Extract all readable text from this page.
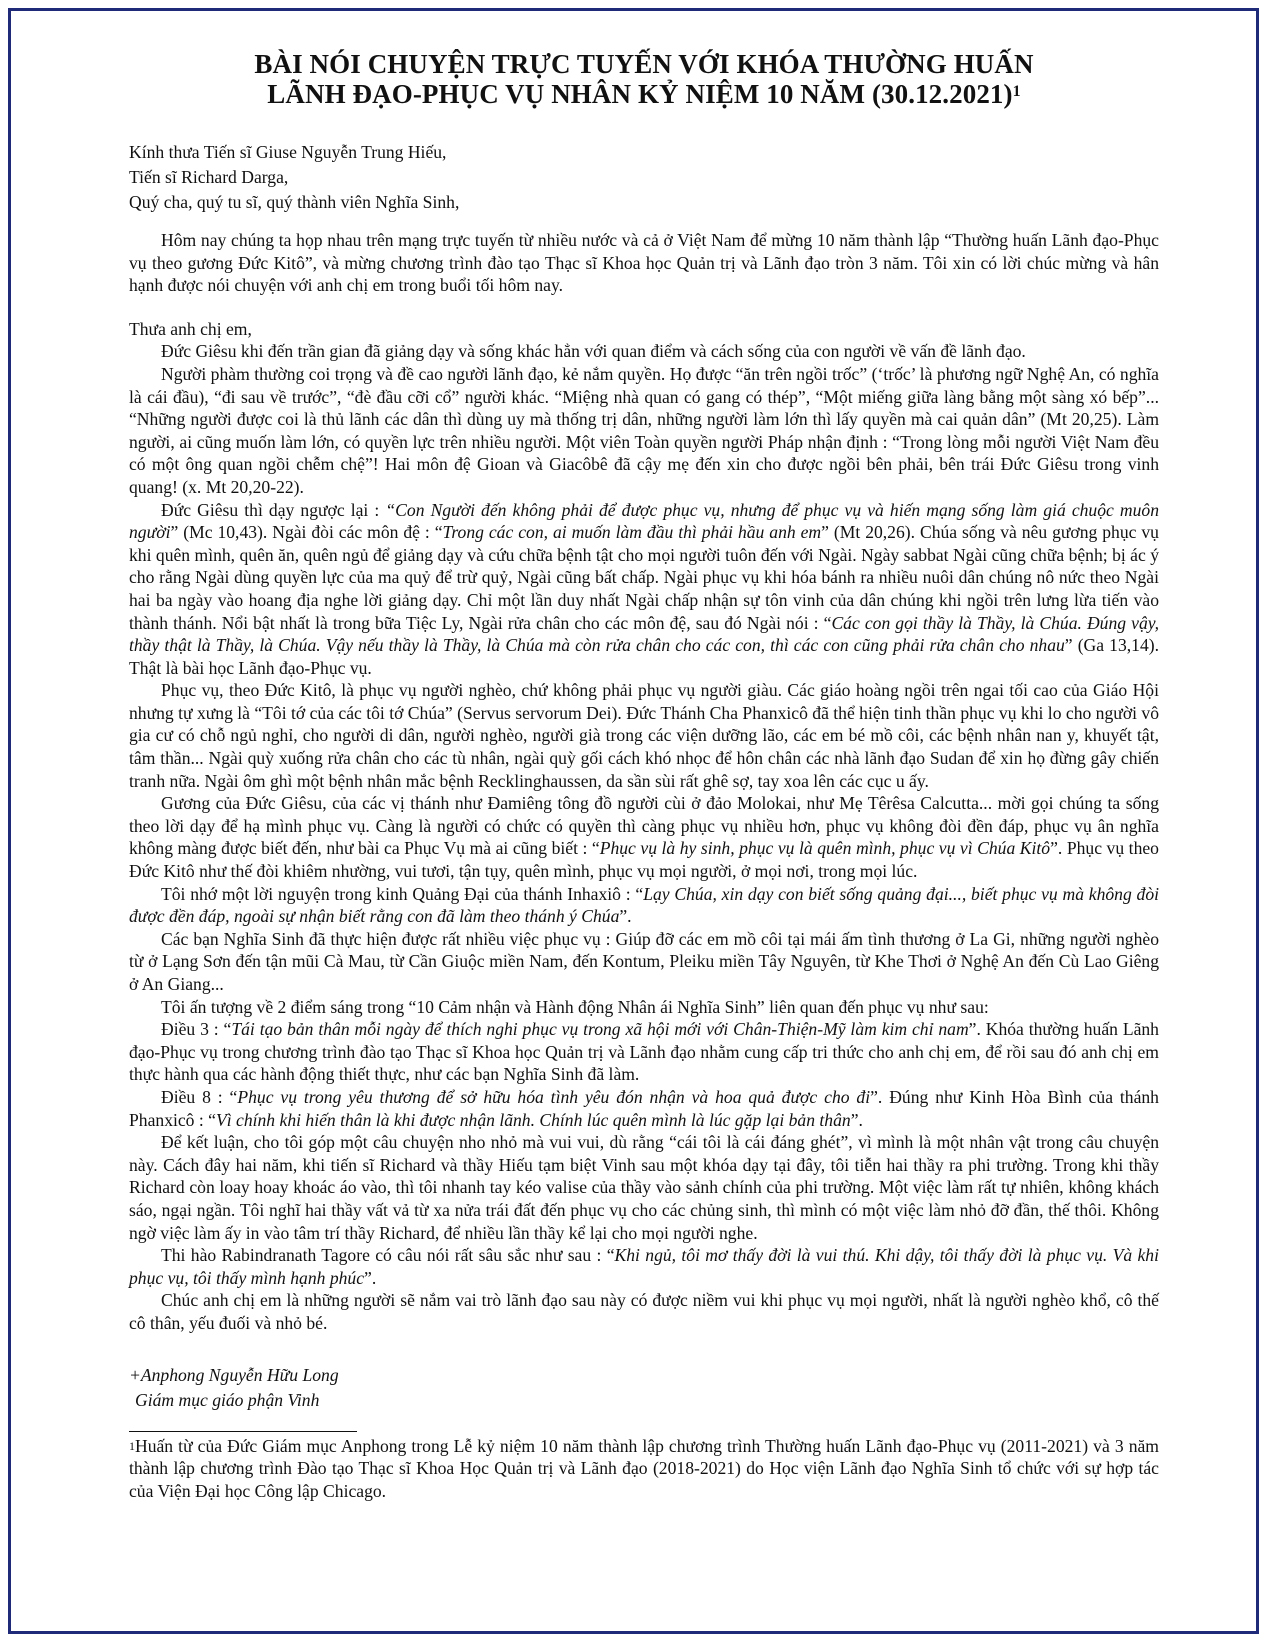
BÀI NÓI CHUYỆN TRỰC TUYẾN VỚI KHÓA THƯỜNG HUẤN
LÃNH ĐẠO-PHỤC VỤ NHÂN KỶ NIỆM 10 NĂM $(30.12.2021)^1$
Kính thưa Tiến sĩ Giuse Nguyễn Trung Hiếu,
Tiến sĩ Richard Darga,
Quý cha, quý tu sĩ, quý thành viên Nghĩa Sinh,

Hôm nay chúng ta họp nhau trên mạng trực tuyến từ nhiều nước và cả ở Việt Nam để mừng 10 năm thành lập “Thường huấn Lãnh đạo-Phục vụ theo gương Đức Kitô”, và mừng chương trình đào tạo Thạc sĩ Khoa học Quản trị và Lãnh đạo tròn 3 năm. Tôi xin có lời chúc mừng và hân hạnh được nói chuyện với anh chị em trong buổi tối hôm nay.

Thưa anh chị em,

Đức Giêsu khi đến trần gian đã giảng dạy và sống khác hẳn với quan điểm và cách sống của con người về vấn đề lãnh đạo.

Người phàm thường coi trọng và đề cao người lãnh đạo, kẻ nắm quyền. Họ được “ăn trên ngồi trốc” (‘trốc’ là phương ngữ Nghệ An, có nghĩa là cái đầu), “đi sau về trước”, “đè đầu cỡi cổ” người khác. “Miệng nhà quan có gang có thép”, “Một miếng giữa làng bằng một sàng xó bếp”... “Những người được coi là thủ lãnh các dân thì dùng uy mà thống trị dân, những người làm lớn thì lấy quyền mà cai quản dân” (Mt 20,25). Làm người, ai cũng muốn làm lớn, có quyền lực trên nhiều người. Một viên Toàn quyền người Pháp nhận định : “Trong lòng mỗi người Việt Nam đều có một ông quan ngồi chễm chệ”! Hai môn đệ Gioan và Giacôbê đã cậy mẹ đến xin cho được ngồi bên phải, bên trái Đức Giêsu trong vinh quang! (x. Mt 20,20-22).

Đức Giêsu thì dạy ngược lại : “Con Người đến không phải để được phục vụ, nhưng để phục vụ và hiến mạng sống làm giá chuộc muôn người” (Mc 10,43). Ngài đòi các môn đệ : “Trong các con, ai muốn làm đầu thì phải hầu anh em” (Mt 20,26). Chúa sống và nêu gương phục vụ khi quên mình, quên ăn, quên ngủ để giảng dạy và cứu chữa bệnh tật cho mọi người tuôn đến với Ngài. Ngày sabbat Ngài cũng chữa bệnh; bị ác ý cho rằng Ngài dùng quyền lực của ma quỷ để trừ quỷ, Ngài cũng bất chấp. Ngài phục vụ khi hóa bánh ra nhiều nuôi dân chúng nô nức theo Ngài hai ba ngày vào hoang địa nghe lời giảng dạy. Chỉ một lần duy nhất Ngài chấp nhận sự tôn vinh của dân chúng khi ngồi trên lưng lừa tiến vào thành thánh. Nổi bật nhất là trong bữa Tiệc Ly, Ngài rửa chân cho các môn đệ, sau đó Ngài nói : “Các con gọi thầy là Thầy, là Chúa. Đúng vậy, thầy thật là Thầy, là Chúa. Vậy nếu thầy là Thầy, là Chúa mà còn rửa chân cho các con, thì các con cũng phải rửa chân cho nhau” (Ga 13,14). Thật là bài học Lãnh đạo-Phục vụ.

Phục vụ, theo Đức Kitô, là phục vụ người nghèo, chứ không phải phục vụ người giàu. Các giáo hoàng ngồi trên ngai tối cao của Giáo Hội nhưng tự xưng là “Tôi tớ của các tôi tớ Chúa” (Servus servorum Dei). Đức Thánh Cha Phanxicô đã thể hiện tinh thần phục vụ khi lo cho người vô gia cư có chỗ ngủ nghỉ, cho người di dân, người nghèo, người già trong các viện dưỡng lão, các em bé mồ côi, các bệnh nhân nan y, khuyết tật, tâm thần... Ngài quỳ xuống rửa chân cho các tù nhân, ngài quỳ gối cách khó nhọc để hôn chân các nhà lãnh đạo Sudan để xin họ đừng gây chiến tranh nữa. Ngài ôm ghì một bệnh nhân mắc bệnh Recklinghaussen, da sần sùi rất ghê sợ, tay xoa lên các cục u ấy.

Gương của Đức Giêsu, của các vị thánh như Đamiêng tông đồ người cùi ở đảo Molokai, như Mẹ Têrêsa Calcutta... mời gọi chúng ta sống theo lời dạy để hạ mình phục vụ. Càng là người có chức có quyền thì càng phục vụ nhiều hơn, phục vụ không đòi đền đáp, phục vụ ân nghĩa không màng được biết đến, như bài ca Phục Vụ mà ai cũng biết : “Phục vụ là hy sinh, phục vụ là quên mình, phục vụ vì Chúa Kitô”. Phục vụ theo Đức Kitô như thế đòi khiêm nhường, vui tươi, tận tụy, quên mình, phục vụ mọi người, ở mọi nơi, trong mọi lúc.

Tôi nhớ một lời nguyện trong kinh Quảng Đại của thánh Inhaxiô : “Lạy Chúa, xin dạy con biết sống quảng đại..., biết phục vụ mà không đòi được đền đáp, ngoài sự nhận biết rằng con đã làm theo thánh ý Chúa”.

Các bạn Nghĩa Sinh đã thực hiện được rất nhiều việc phục vụ : Giúp đỡ các em mồ côi tại mái ấm tình thương ở La Gi, những người nghèo từ ở Lạng Sơn đến tận mũi Cà Mau, từ Cần Giuộc miền Nam, đến Kontum, Pleiku miền Tây Nguyên, từ Khe Thơi ở Nghệ An đến Cù Lao Giêng ở An Giang...

Tôi ấn tượng về 2 điểm sáng trong “10 Cảm nhận và Hành động Nhân ái Nghĩa Sinh” liên quan đến phục vụ như sau:

Điều 3 : “Tái tạo bản thân mỗi ngày để thích nghi phục vụ trong xã hội mới với Chân-Thiện-Mỹ làm kim chỉ nam”. Khóa thường huấn Lãnh đạo-Phục vụ trong chương trình đào tạo Thạc sĩ Khoa học Quản trị và Lãnh đạo nhằm cung cấp tri thức cho anh chị em, để rồi sau đó anh chị em thực hành qua các hành động thiết thực, như các bạn Nghĩa Sinh đã làm.

Điều 8 : “Phục vụ trong yêu thương để sở hữu hóa tình yêu đón nhận và hoa quả được cho đi”. Đúng như Kinh Hòa Bình của thánh Phanxicô : “Vì chính khi hiến thân là khi được nhận lãnh. Chính lúc quên mình là lúc gặp lại bản thân”.

Để kết luận, cho tôi góp một câu chuyện nho nhỏ mà vui vui, dù rằng “cái tôi là cái đáng ghét”, vì mình là một nhân vật trong câu chuyện này. Cách đây hai năm, khi tiến sĩ Richard và thầy Hiếu tạm biệt Vinh sau một khóa dạy tại đây, tôi tiễn hai thầy ra phi trường. Trong khi thầy Richard còn loay hoay khoác áo vào, thì tôi nhanh tay kéo valise của thầy vào sảnh chính của phi trường. Một việc làm rất tự nhiên, không khách sáo, ngại ngần. Tôi nghĩ hai thầy vất vả từ xa nửa trái đất đến phục vụ cho các chủng sinh, thì mình có một việc làm nhỏ đỡ đần, thế thôi. Không ngờ việc làm ấy in vào tâm trí thầy Richard, để nhiều lần thầy kể lại cho mọi người nghe.

Thi hào Rabindranath Tagore có câu nói rất sâu sắc như sau : “Khi ngủ, tôi mơ thấy đời là vui thú. Khi dậy, tôi thấy đời là phục vụ. Và khi phục vụ, tôi thấy mình hạnh phúc”.

Chúc anh chị em là những người sẽ nắm vai trò lãnh đạo sau này có được niềm vui khi phục vụ mọi người, nhất là người nghèo khổ, cô thế cô thân, yếu đuối và nhỏ bé.

+Anphong Nguyễn Hữu Long
Giám mục giáo phận Vinh

$^1$Huấn từ của Đức Giám mục Anphong trong Lễ kỷ niệm 10 năm thành lập chương trình Thường huấn Lãnh đạo-Phục vụ (2011-2021) và 3 năm thành lập chương trình Đào tạo Thạc sĩ Khoa Học Quản trị và Lãnh đạo (2018-2021) do Học viện Lãnh đạo Nghĩa Sinh tổ chức với sự hợp tác của Viện Đại học Công lập Chicago.
